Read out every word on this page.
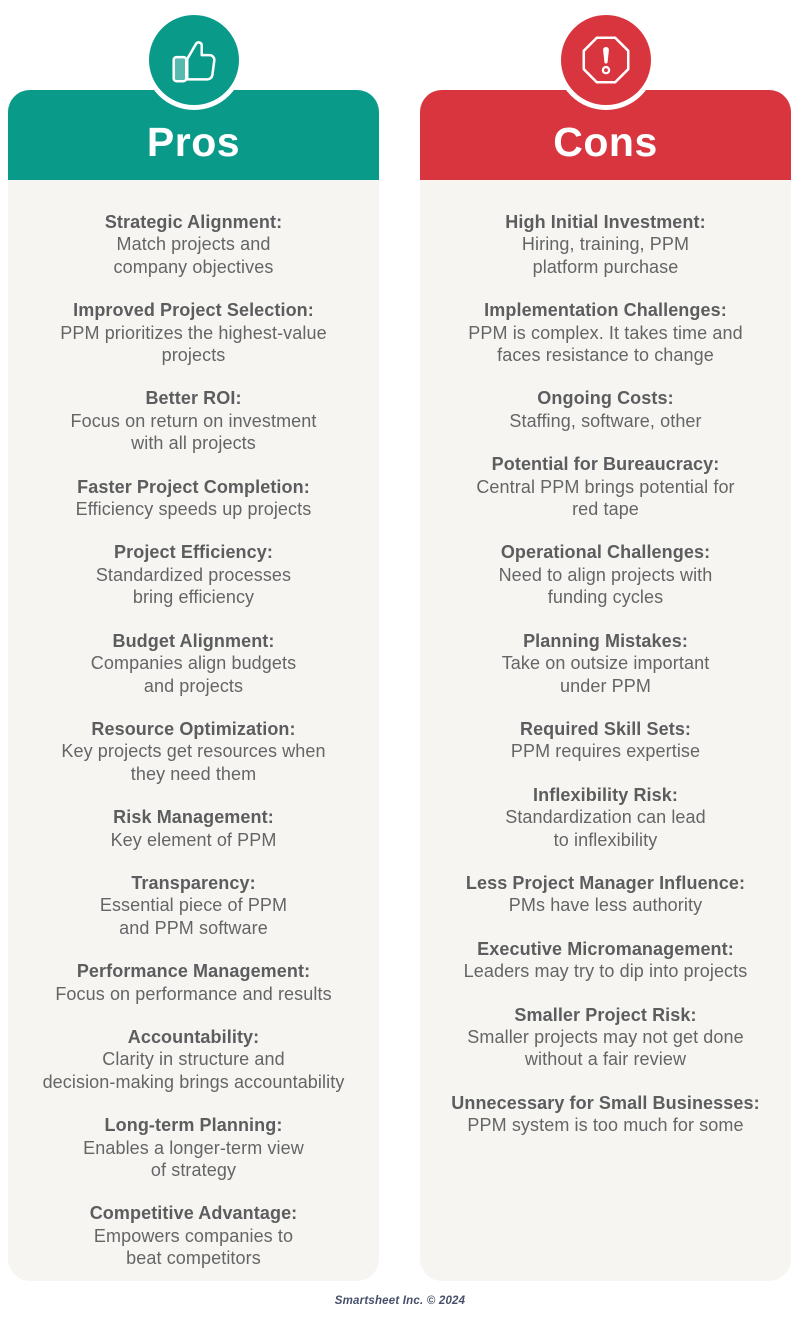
Pros
Strategic Alignment:
Match projects and
company objectives
Improved Project Selection:
PPM prioritizes the highest-value
projects
Better ROI:
Focus on return on investment
with all projects
Faster Project Completion:
Efficiency speeds up projects
Project Efficiency:
Standardized processes
bring efficiency
Budget Alignment:
Companies align budgets
and projects
Resource Optimization:
Key projects get resources when
they need them
Risk Management:
Key element of PPM
Transparency:
Essential piece of PPM
and PPM software
Performance Management:
Focus on performance and results
Accountability:
Clarity in structure and
decision-making brings accountability
Long-term Planning:
Enables a longer-term view
of strategy
Competitive Advantage:
Empowers companies to
beat competitors
Cons
High Initial Investment:
Hiring, training, PPM
platform purchase
Implementation Challenges:
PPM is complex. It takes time and
faces resistance to change
Ongoing Costs:
Staffing, software, other
Potential for Bureaucracy:
Central PPM brings potential for
red tape
Operational Challenges:
Need to align projects with
funding cycles
Planning Mistakes:
Take on outsize important
under PPM
Required Skill Sets:
PPM requires expertise
Inflexibility Risk:
Standardization can lead
to inflexibility
Less Project Manager Influence:
PMs have less authority
Executive Micromanagement:
Leaders may try to dip into projects
Smaller Project Risk:
Smaller projects may not get done
without a fair review
Unnecessary for Small Businesses:
PPM system is too much for some
Smartsheet Inc. © 2024
